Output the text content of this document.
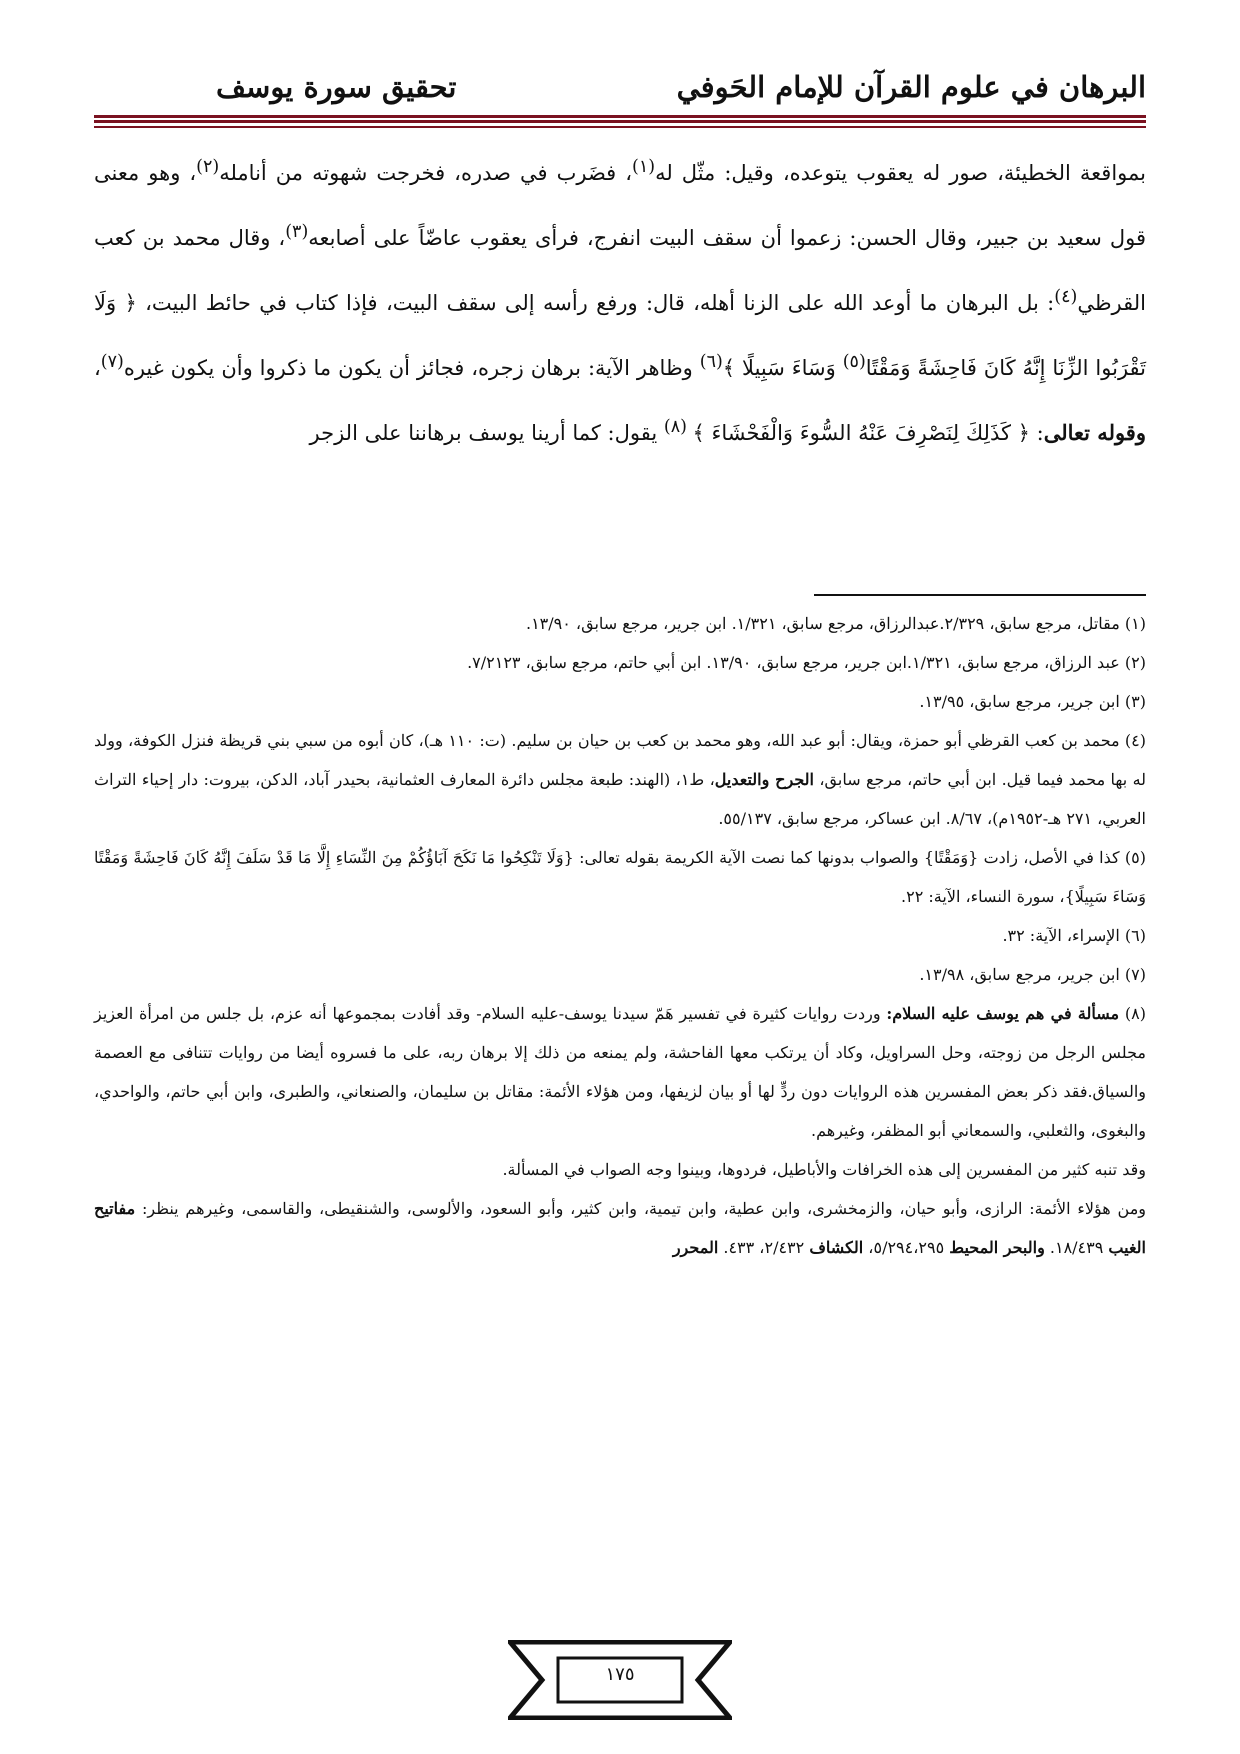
البرهان في علوم القرآن للإمام الحَوفي
تحقيق سورة يوسف

بمواقعة الخطيئة، صور له يعقوب يتوعده، وقيل: مثّل له$^{(١)}$، فضَرب في صدره، فخرجت شهوته من أنامله$^{(٢)}$، وهو معنى قول سعيد بن جبير، وقال الحسن: زعموا أن سقف البيت انفرج، فرأى يعقوب عاضّاً على أصابعه$^{(٣)}$، وقال محمد بن كعب القرظي$^{(٤)}$: بل البرهان ما أوعد الله على الزنا أهله، قال: ورفع رأسه إلى سقف البيت، فإذا كتاب في حائط البيت، ﴿ وَلَا تَقْرَبُوا الزِّنَا إِنَّهُ كَانَ فَاحِشَةً وَمَقْتًا$^{(٥)}$ وَسَاءَ سَبِيلًا ﴾$^{(٦)}$ وظاهر الآية: برهان زجره، فجائز أن يكون ما ذكروا وأن يكون غيره$^{(٧)}$، وقوله تعالى: ﴿ كَذَلِكَ لِنَصْرِفَ عَنْهُ السُّوءَ وَالْفَحْشَاءَ ﴾ $^{(٨)}$ يقول: كما أرينا يوسف برهاننا على الزجر

(١) مقاتل، مرجع سابق، ٢/٣٢٩.عبدالرزاق، مرجع سابق، ١/٣٢١. ابن جرير، مرجع سابق، ١٣/٩٠.

(٢) عبد الرزاق، مرجع سابق، ١/٣٢١.ابن جرير، مرجع سابق، ١٣/٩٠. ابن أبي حاتم، مرجع سابق، ٧/٢١٢٣.

(٣) ابن جرير، مرجع سابق، ١٣/٩٥.

(٤) محمد بن كعب القرظي أبو حمزة، ويقال: أبو عبد الله، وهو محمد بن كعب بن حيان بن سليم. (ت: ١١٠ هـ)، كان أبوه من سبي بني قريظة فنزل الكوفة، وولد له بها محمد فيما قيل. ابن أبي حاتم، مرجع سابق، الجرح والتعديل، ط١، (الهند: طبعة مجلس دائرة المعارف العثمانية، بحيدر آباد، الدكن، بيروت: دار إحياء التراث العربي، ٢٧١ هـ-١٩٥٢م)، ٨/٦٧. ابن عساكر، مرجع سابق، ٥٥/١٣٧.

(٥) كذا في الأصل، زادت {وَمَقْتًا} والصواب بدونها كما نصت الآية الكريمة بقوله تعالى: {وَلَا تَنْكِحُوا مَا نَكَحَ آبَاؤُكُمْ مِنَ النِّسَاءِ إِلَّا مَا قَدْ سَلَفَ إِنَّهُ كَانَ فَاحِشَةً وَمَقْتًا وَسَاءَ سَبِيلًا}، سورة النساء، الآية: ٢٢.

(٦) الإسراء، الآية: ٣٢.

(٧) ابن جرير، مرجع سابق، ١٣/٩٨.

(٨) مسألة في هم يوسف عليه السلام: وردت روايات كثيرة في تفسير هَمّ سيدنا يوسف-عليه السلام- وقد أفادت بمجموعها أنه عزم، بل جلس من امرأة العزيز مجلس الرجل من زوجته، وحل السراويل، وكاد أن يرتكب معها الفاحشة، ولم يمنعه من ذلك إلا برهان ربه، على ما فسروه أيضا من روايات تتنافى مع العصمة والسياق.فقد ذكر بعض المفسرين هذه الروايات دون ردٍّ لها أو بيان لزيفها، ومن هؤلاء الأئمة: مقاتل بن سليمان، والصنعاني، والطبرى، وابن أبي حاتم، والواحدي، والبغوى، والثعلبي، والسمعاني أبو المظفر، وغيرهم.

وقد تنبه كثير من المفسرين إلى هذه الخرافات والأباطيل، فردوها، وبينوا وجه الصواب في المسألة.

ومن هؤلاء الأئمة: الرازى، وأبو حيان، والزمخشرى، وابن عطية، وابن تيمية، وابن كثير، وأبو السعود، والألوسى، والشنقيطى، والقاسمى، وغيرهم ينظر: مفاتيح الغيب ١٨/٤٣٩. والبحر المحيط ٥/٢٩٤،٢٩٥، الكشاف ٢/٤٣٢، ٤٣٣. المحرر

١٧٥
